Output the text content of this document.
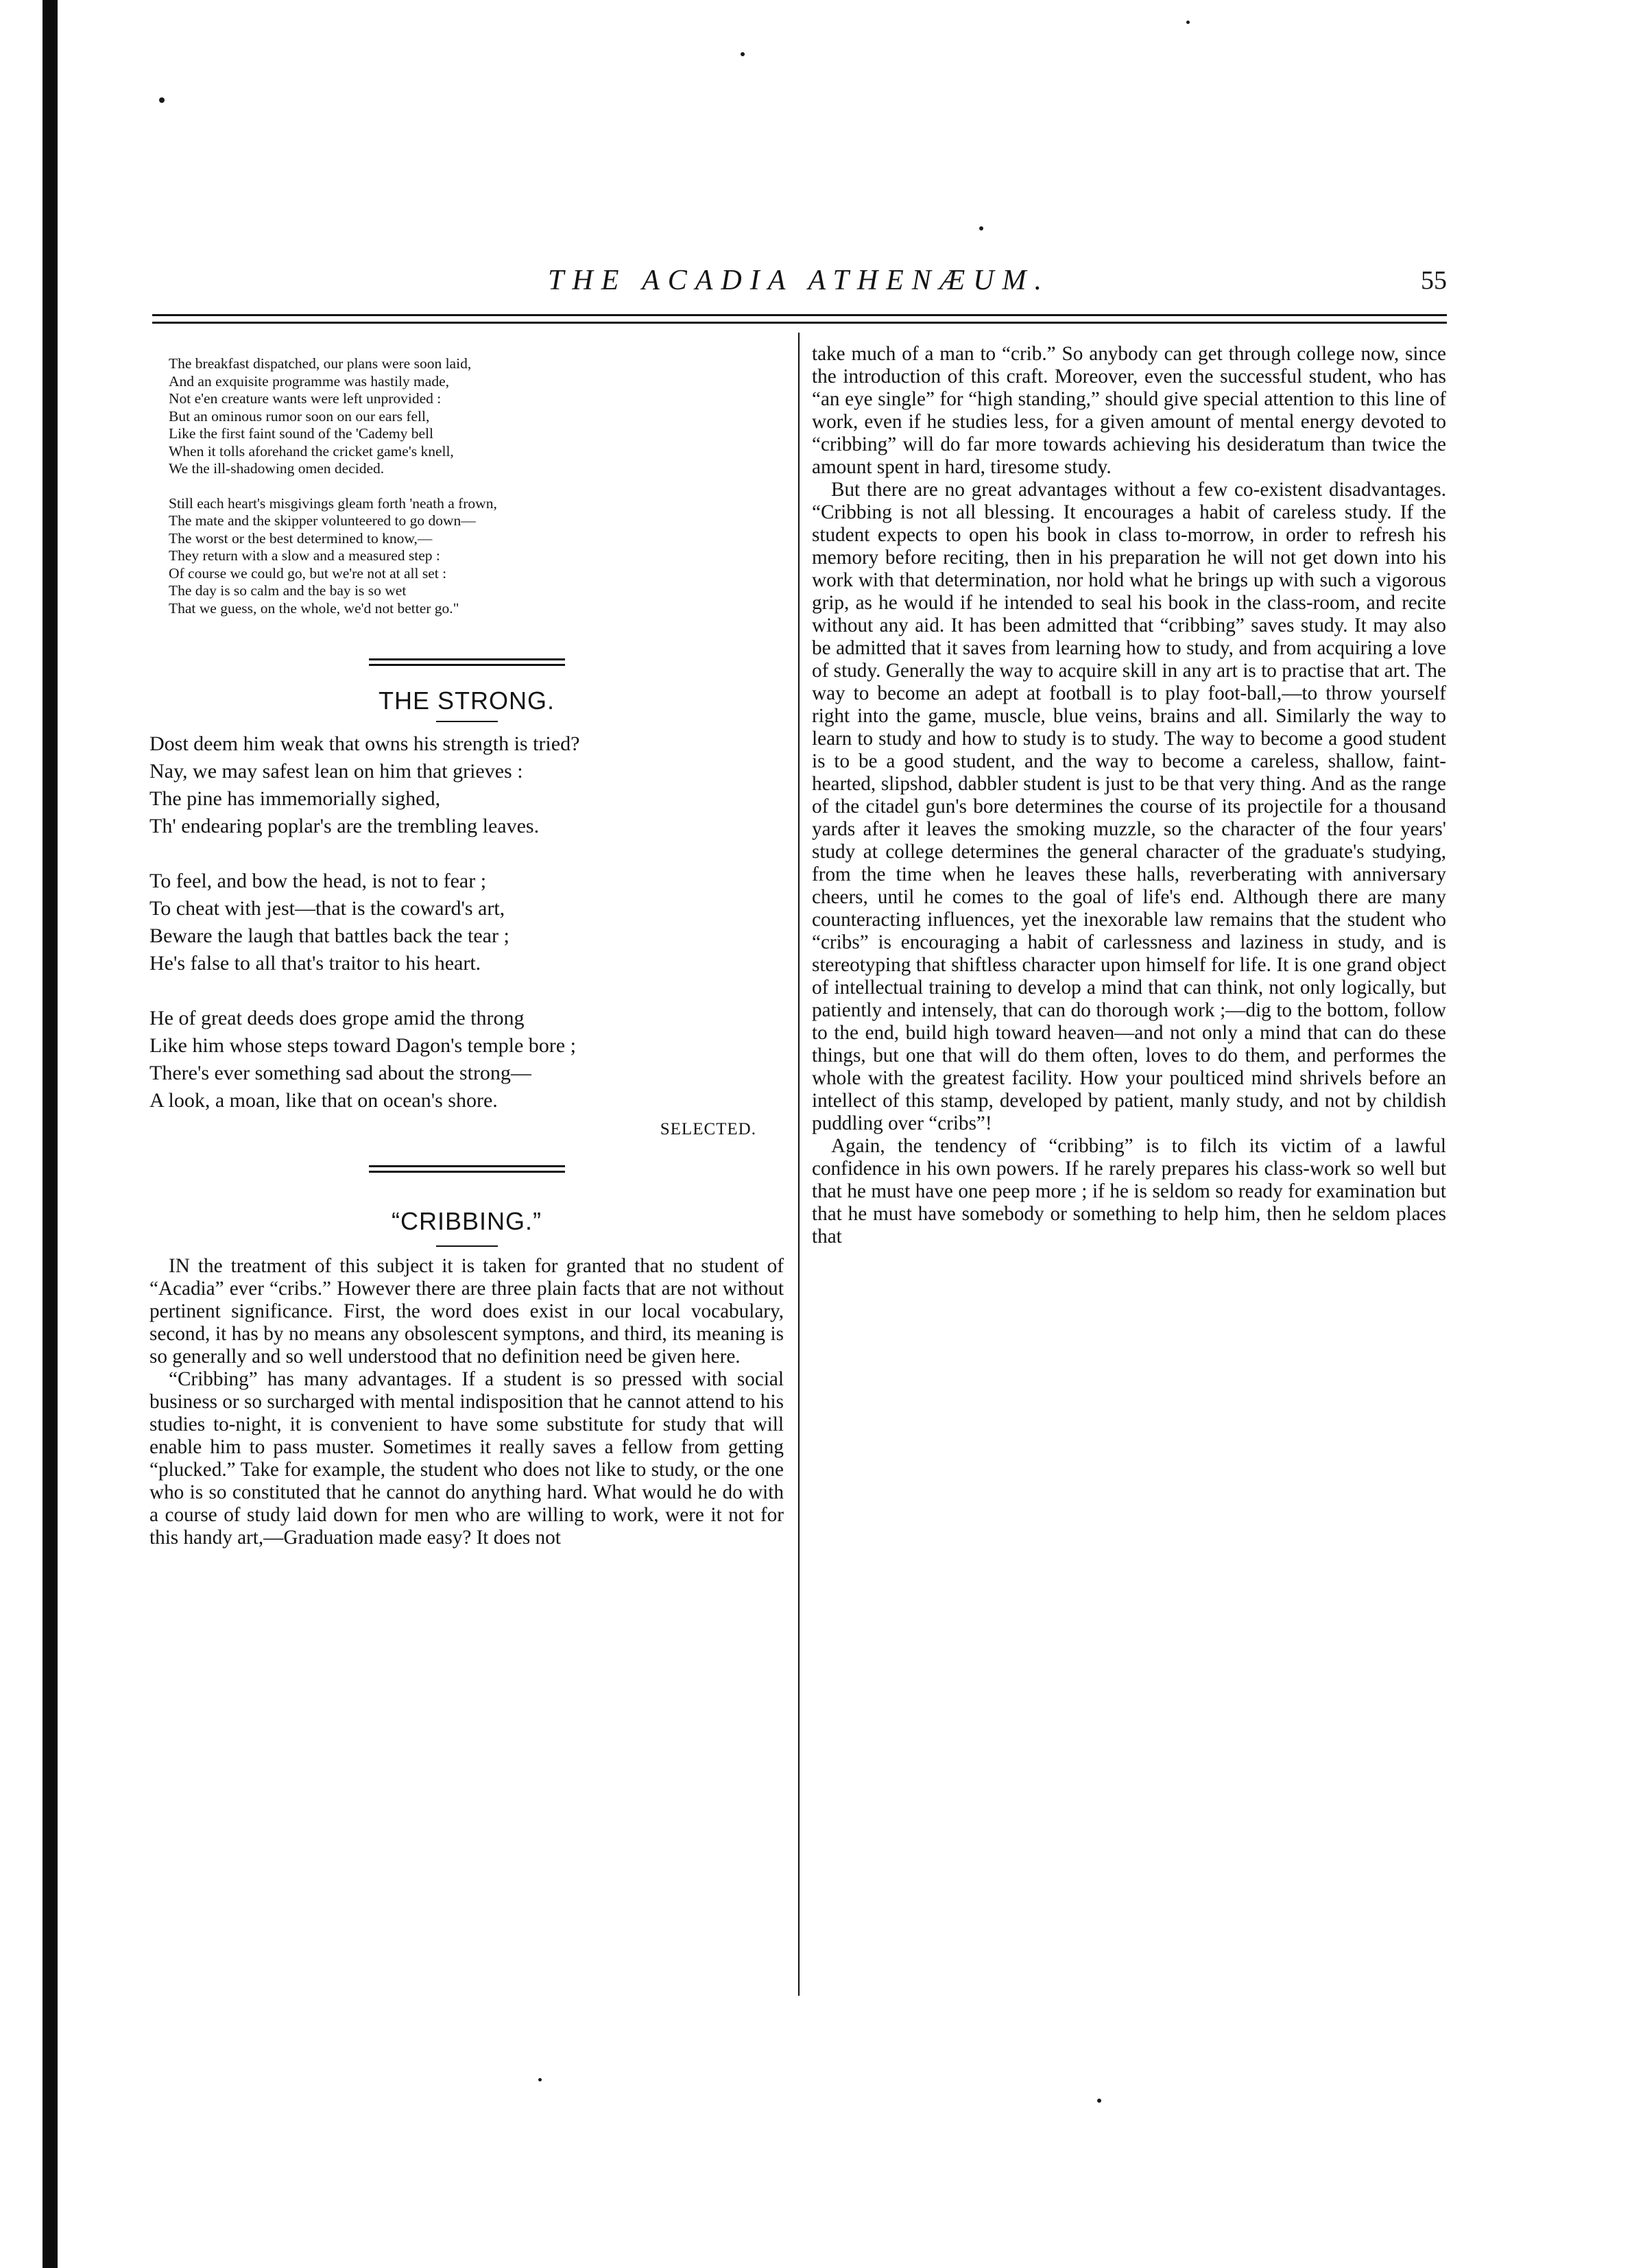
THE ACADIA ATHENÆUM.	55
The breakfast dispatched, our plans were soon laid,
And an exquisite programme was hastily made,
Not e'en creature wants were left unprovided :
But an ominous rumor soon on our ears fell,
Like the first faint sound of the 'Cademy bell
When it tolls aforehand the cricket game's knell,
We the ill-shadowing omen decided.
Still each heart's misgivings gleam forth 'neath a frown,
The mate and the skipper volunteered to go down—
The worst or the best determined to know,—
They return with a slow and a measured step :
Of course we could go, but we're not at all set :
The day is so calm and the bay is so wet
That we guess, on the whole, we'd not better go."
THE STRONG.
Dost deem him weak that owns his strength is tried?
Nay, we may safest lean on him that grieves :
The pine has immemorially sighed,
Th' endearing poplar's are the trembling leaves.
To feel, and bow the head, is not to fear ;
To cheat with jest—that is the coward's art,
Beware the laugh that battles back the tear ;
He's false to all that's traitor to his heart.
He of great deeds does grope amid the throng
Like him whose steps toward Dagon's temple bore ;
There's ever something sad about the strong—
A look, a moan, like that on ocean's shore.
SELECTED.
“CRIBBING.”

IN the treatment of this subject it is taken for granted that no student of “Acadia” ever “cribs.” However there are three plain facts that are not without pertinent significance. First, the word does exist in our local vocabulary, second, it has by no means any obsolescent symptons, and third, its meaning is so generally and so well understood that no definition need be given here.

“Cribbing” has many advantages. If a student is so pressed with social business or so surcharged with mental indisposition that he cannot attend to his studies to-night, it is convenient to have some substitute for study that will enable him to pass muster. Sometimes it really saves a fellow from getting “plucked.” Take for example, the student who does not like to study, or the one who is so constituted that he cannot do anything hard. What would he do with a course of study laid down for men who are willing to work, were it not for this handy art,—Graduation made easy? It does not

take much of a man to “crib.” So anybody can get through college now, since the introduction of this craft. Moreover, even the successful student, who has “an eye single” for “high standing,” should give special attention to this line of work, even if he studies less, for a given amount of mental energy devoted to “cribbing” will do far more towards achieving his desideratum than twice the amount spent in hard, tiresome study.

But there are no great advantages without a few co-existent disadvantages. “Cribbing is not all blessing. It encourages a habit of careless study. If the student expects to open his book in class to-morrow, in order to refresh his memory before reciting, then in his preparation he will not get down into his work with that determination, nor hold what he brings up with such a vigorous grip, as he would if he intended to seal his book in the class-room, and recite without any aid. It has been admitted that “cribbing” saves study. It may also be admitted that it saves from learning how to study, and from acquiring a love of study. Generally the way to acquire skill in any art is to practise that art. The way to become an adept at football is to play foot-ball,—to throw yourself right into the game, muscle, blue veins, brains and all. Similarly the way to learn to study and how to study is to study. The way to become a good student is to be a good student, and the way to become a careless, shallow, faint-hearted, slipshod, dabbler student is just to be that very thing. And as the range of the citadel gun's bore determines the course of its projectile for a thousand yards after it leaves the smoking muzzle, so the character of the four years' study at college determines the general character of the graduate's studying, from the time when he leaves these halls, reverberating with anniversary cheers, until he comes to the goal of life's end. Although there are many counteracting influences, yet the inexorable law remains that the student who “cribs” is encouraging a habit of carlessness and laziness in study, and is stereotyping that shiftless character upon himself for life. It is one grand object of intellectual training to develop a mind that can think, not only logically, but patiently and intensely, that can do thorough work ;—dig to the bottom, follow to the end, build high toward heaven—and not only a mind that can do these things, but one that will do them often, loves to do them, and performes the whole with the greatest facility. How your poulticed mind shrivels before an intellect of this stamp, developed by patient, manly study, and not by childish puddling over “cribs”!

Again, the tendency of “cribbing” is to filch its victim of a lawful confidence in his own powers. If he rarely prepares his class-work so well but that he must have one peep more ; if he is seldom so ready for examination but that he must have somebody or something to help him, then he seldom places that
